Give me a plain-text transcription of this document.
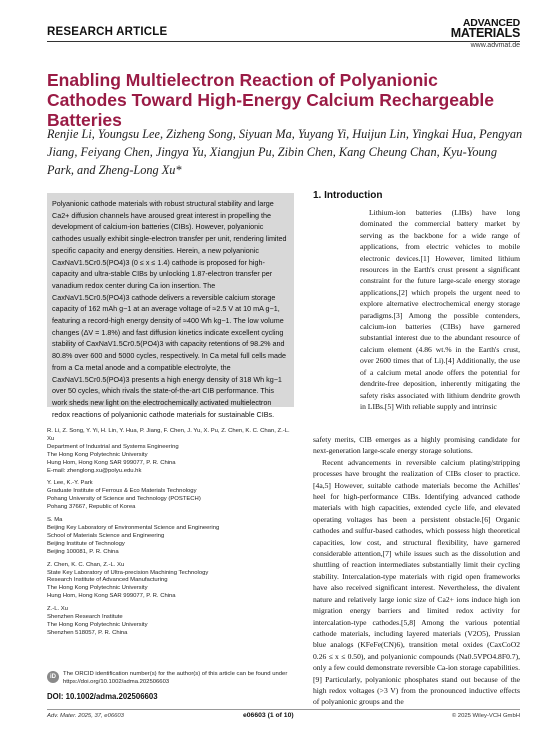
RESEARCH ARTICLE
ADVANCED
MATERIALS
www.advmat.de
Enabling Multielectron Reaction of Polyanionic Cathodes Toward High-Energy Calcium Rechargeable Batteries
Renjie Li, Youngsu Lee, Zizheng Song, Siyuan Ma, Yuyang Yi, Huijun Lin, Yingkai Hua, Pengyan Jiang, Feiyang Chen, Jingya Yu, Xiangjun Pu, Zibin Chen, Kang Cheung Chan, Kyu-Young Park, and Zheng-Long Xu*

Polyanionic cathode materials with robust structural stability and large Ca2+ diffusion channels have aroused great interest in propelling the development of calcium-ion batteries (CIBs). However, polyanionic cathodes usually exhibit single-electron transfer per unit, rendering limited specific capacity and energy densities. Herein, a new polyanionic CaxNaV1.5Cr0.5(PO4)3 (0 ≤ x ≤ 1.4) cathode is proposed for high-capacity and ultra-stable CIBs by unlocking 1.87-electron transfer per vanadium redox center during Ca ion insertion. The CaxNaV1.5Cr0.5(PO4)3 cathode delivers a reversible calcium storage capacity of 162 mAh g−1 at an average voltage of ≈2.5 V at 10 mA g−1, featuring a record-high energy density of ≈400 Wh kg−1. The low volume changes (ΔV = 1.8%) and fast diffusion kinetics indicate excellent cycling stability of CaxNaV1.5Cr0.5(PO4)3 with capacity retentions of 98.2% and 80.8% over 600 and 5000 cycles, respectively. In Ca metal full cells made from a Ca metal anode and a compatible electrolyte, the CaxNaV1.5Cr0.5(PO4)3 presents a high energy density of 318 Wh kg−1 over 50 cycles, which rivals the state-of-the-art CIB performance. This work sheds new light on the electrochemically activated multielectron redox reactions of polyanionic cathode materials for sustainable CIBs.

R. Li, Z. Song, Y. Yi, H. Lin, Y. Hua, P. Jiang, F. Chen, J. Yu, X. Pu, Z. Chen, K. C. Chan, Z.-L. Xu
Department of Industrial and Systems Engineering
The Hong Kong Polytechnic University
Hung Hom, Hong Kong SAR 999077, P. R. China
E-mail: zhenglong.xu@polyu.edu.hk
Y. Lee, K.-Y. Park
Graduate Institute of Ferrous & Eco Materials Technology
Pohang University of Science and Technology (POSTECH)
Pohang 37667, Republic of Korea
S. Ma
Beijing Key Laboratory of Environmental Science and Engineering
School of Materials Science and Engineering
Beijing Institute of Technology
Beijing 100081, P. R. China
Z. Chen, K. C. Chan, Z.-L. Xu
State Key Laboratory of Ultra-precision Machining Technology
Research Institute of Advanced Manufacturing
The Hong Kong Polytechnic University
Hung Hom, Hong Kong SAR 999077, P. R. China
Z.-L. Xu
Shenzhen Research Institute
The Hong Kong Polytechnic University
Shenzhen 518057, P. R. China
iD	The ORCID identification number(s) for the author(s) of this article can be found under https://doi.org/10.1002/adma.202506603
DOI: 10.1002/adma.202506603
1. Introduction

Lithium-ion batteries (LIBs) have long dominated the commercial battery market by serving as the backbone for a wide range of applications, from electric vehicles to mobile electronic devices.[1] However, limited lithium resources in the Earth's crust present a significant constraint for the future large-scale energy storage applications,[2] which propels the urgent need to explore alternative electrochemical energy storage paradigms.[3] Among the possible contenders, calcium-ion batteries (CIBs) have garnered substantial interest due to the abundant resource of calcium element (4.86 wt.% in the Earth's crust, over 2600 times that of Li).[4] Additionally, the use of a calcium metal anode offers the potential for dendrite-free deposition, inherently mitigating the safety risks associated with lithium dendrite growth in LIBs.[5] With reliable supply and intrinsic

safety merits, CIB emerges as a highly promising candidate for next-generation large-scale energy storage solutions.

Recent advancements in reversible calcium plating/stripping processes have brought the realization of CIBs closer to practice.[4a,5] However, suitable cathode materials become the Achilles' heel for high-performance CIBs. Identifying advanced cathode materials with high capacities, extended cycle life, and elevated operating voltages has been a persistent obstacle.[6] Organic cathodes and sulfur-based cathodes, which possess high theoretical capacities, low cost, and structural flexibility, have garnered considerable attention,[7] while issues such as the dissolution and shuttling of reaction intermediates substantially limit their cycling stability. Intercalation-type materials with rigid open frameworks have also received significant interest. Nevertheless, the divalent nature and relatively large ionic size of Ca2+ ions induce high ion migration energy barriers and limited redox activity for intercalation-type cathodes.[5,8] Among the various potential cathode materials, including layered materials (V2O5), Prussian blue analogs (KFeFe(CN)6), transition metal oxides (CaxCoO2 0.26 ≤ x ≤ 0.50), and polyanionic compounds (Na0.5VPO4.8F0.7), only a few could demonstrate reversible Ca-ion storage capabilities.[9] Particularly, polyanionic phosphates stand out because of the high redox voltages (>3 V) from the pronounced inductive effects of polyanionic groups and the

Adv. Mater. 2025, 37, e06603	e06603 (1 of 10)	© 2025 Wiley-VCH GmbH
